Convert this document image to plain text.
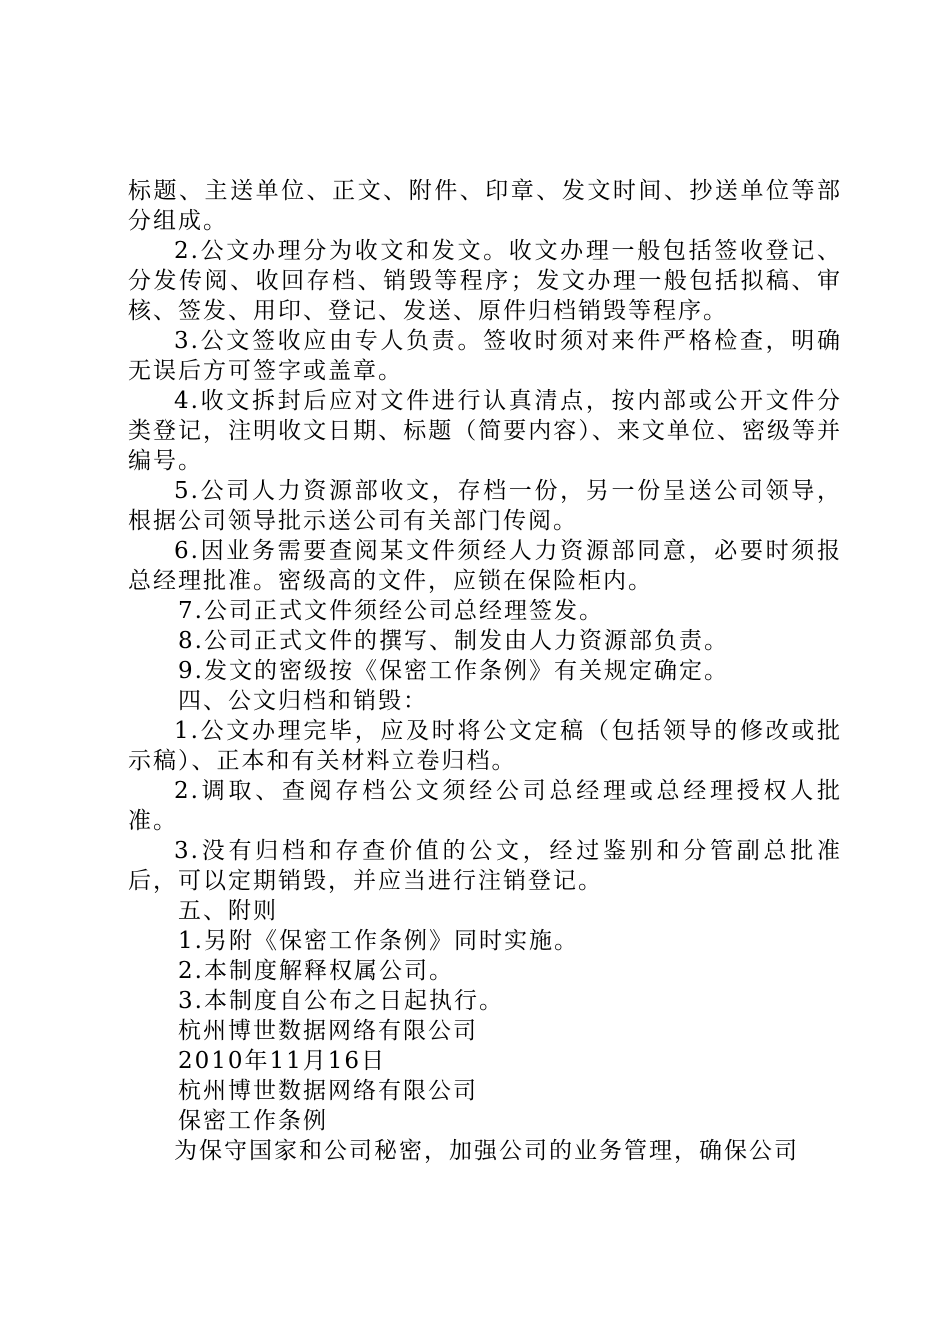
标题、主送单位、正文、附件、印章、发文时间、抄送单位等部分组成。

2.公文办理分为收文和发文。收文办理一般包括签收登记、分发传阅、收回存档、销毁等程序；发文办理一般包括拟稿、审核、签发、用印、登记、发送、原件归档销毁等程序。

3.公文签收应由专人负责。签收时须对来件严格检查，明确无误后方可签字或盖章。

4.收文拆封后应对文件进行认真清点，按内部或公开文件分类登记，注明收文日期、标题（简要内容）、来文单位、密级等并编号。

5.公司人力资源部收文，存档一份，另一份呈送公司领导，根据公司领导批示送公司有关部门传阅。

6.因业务需要查阅某文件须经人力资源部同意，必要时须报总经理批准。密级高的文件，应锁在保险柜内。

7.公司正式文件须经公司总经理签发。

8.公司正式文件的撰写、制发由人力资源部负责。

9.发文的密级按《保密工作条例》有关规定确定。

四、公文归档和销毁：

1.公文办理完毕，应及时将公文定稿（包括领导的修改或批示稿）、正本和有关材料立卷归档。

2.调取、查阅存档公文须经公司总经理或总经理授权人批准。

3.没有归档和存查价值的公文，经过鉴别和分管副总批准后，可以定期销毁，并应当进行注销登记。

五、附则

1.另附《保密工作条例》同时实施。

2.本制度解释权属公司。

3.本制度自公布之日起执行。

杭州博世数据网络有限公司

2010年11月16日

杭州博世数据网络有限公司

保密工作条例

为保守国家和公司秘密，加强公司的业务管理，确保公司
